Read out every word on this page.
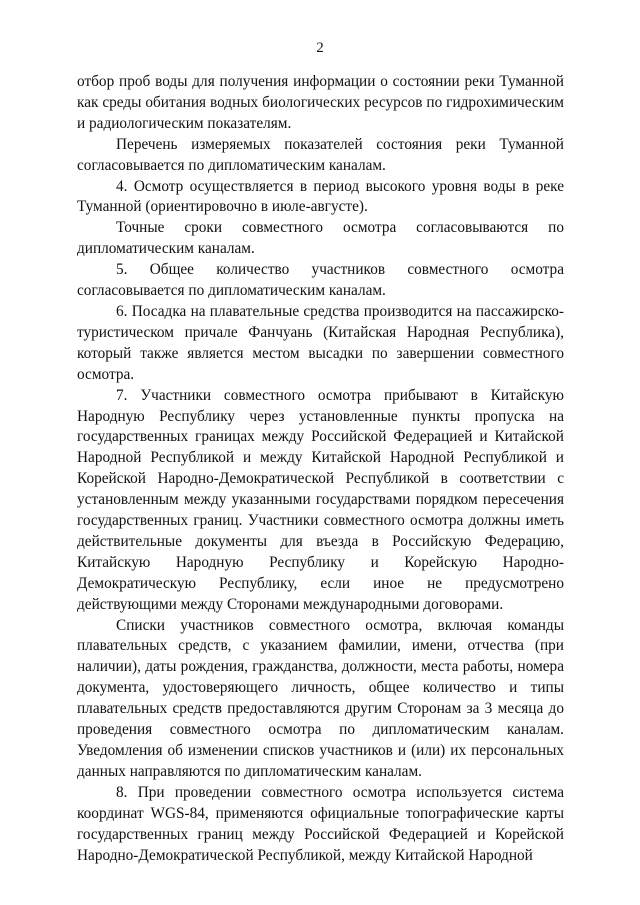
2

отбор проб воды для получения информации о состоянии реки Туманной как среды обитания водных биологических ресурсов по гидрохимическим и радиологическим показателям.

Перечень измеряемых показателей состояния реки Туманной согласовывается по дипломатическим каналам.

4. Осмотр осуществляется в период высокого уровня воды в реке Туманной (ориентировочно в июле-августе).

Точные сроки совместного осмотра согласовываются по дипломатическим каналам.

5. Общее количество участников совместного осмотра согласовывается по дипломатическим каналам.

6. Посадка на плавательные средства производится на пассажирско-туристическом причале Фанчуань (Китайская Народная Республика), который также является местом высадки по завершении совместного осмотра.

7. Участники совместного осмотра прибывают в Китайскую Народную Республику через установленные пункты пропуска на государственных границах между Российской Федерацией и Китайской Народной Республикой и между Китайской Народной Республикой и Корейской Народно-Демократической Республикой в соответствии с установленным между указанными государствами порядком пересечения государственных границ. Участники совместного осмотра должны иметь действительные документы для въезда в Российскую Федерацию, Китайскую Народную Республику и Корейскую Народно-Демократическую Республику, если иное не предусмотрено действующими между Сторонами международными договорами.

Списки участников совместного осмотра, включая команды плавательных средств, с указанием фамилии, имени, отчества (при наличии), даты рождения, гражданства, должности, места работы, номера документа, удостоверяющего личность, общее количество и типы плавательных средств предоставляются другим Сторонам за 3 месяца до проведения совместного осмотра по дипломатическим каналам. Уведомления об изменении списков участников и (или) их персональных данных направляются по дипломатическим каналам.

8. При проведении совместного осмотра используется система координат WGS-84, применяются официальные топографические карты государственных границ между Российской Федерацией и Корейской Народно-Демократической Республикой, между Китайской Народной
